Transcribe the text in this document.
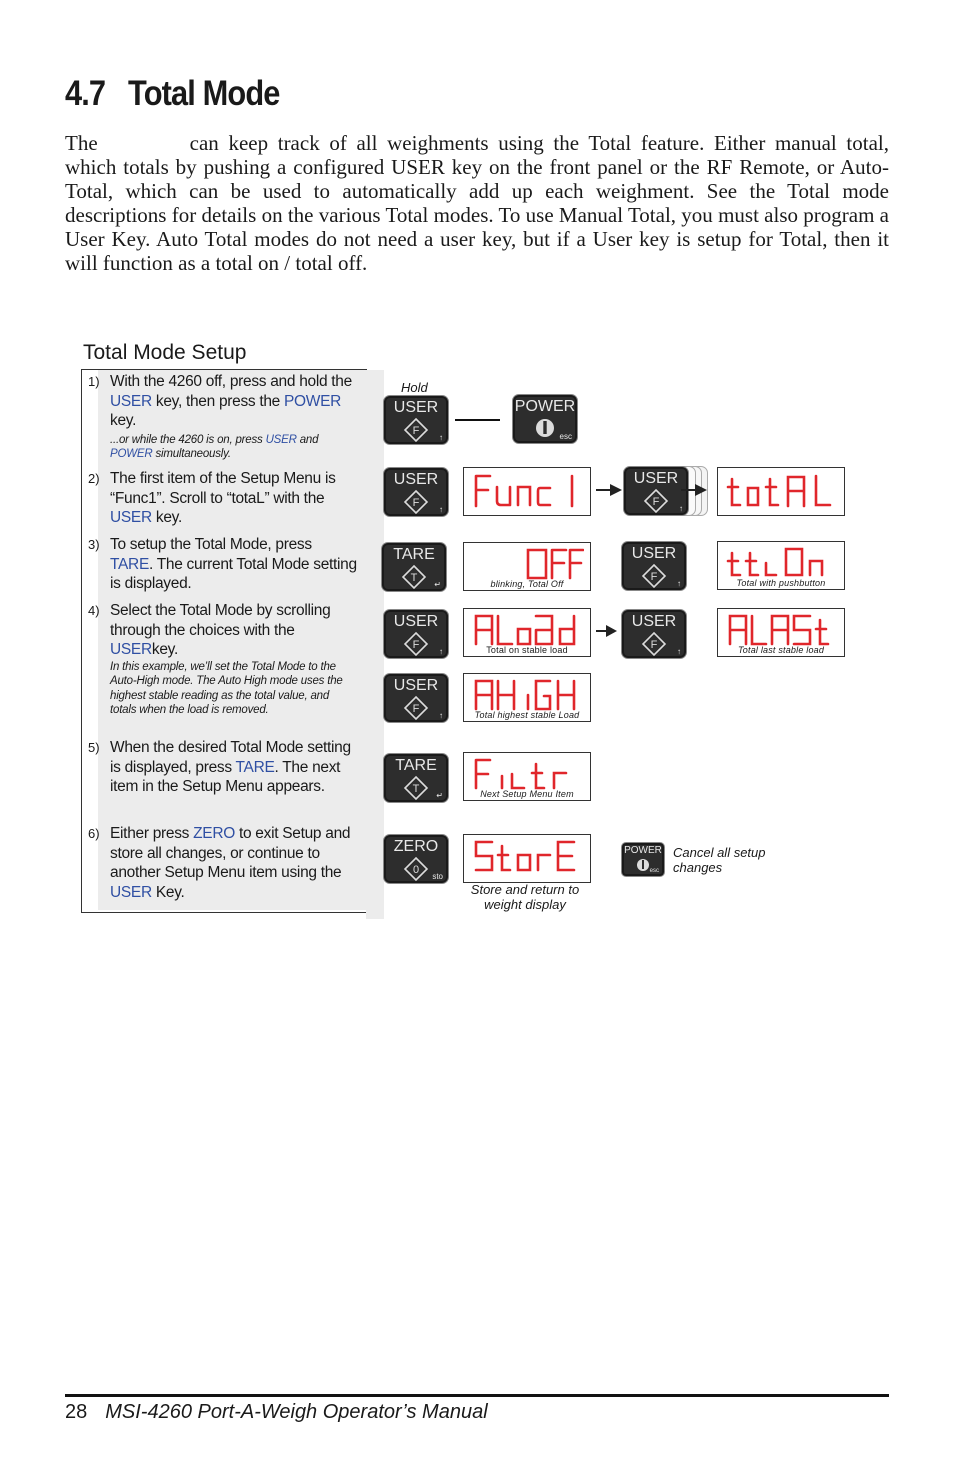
4.7 Total Mode
The	can keep track of all weighments using the Total feature. Either manual total, which totals by pushing a configured USER key on the front panel or the RF Remote, or Auto-Total, which can be used to automatically add up each weighment. See the Total mode descriptions for details on the various Total modes. To use Manual Total, you must also program a User Key. Auto Total modes do not need a user key, but if a User key is setup for Total, then it will function as a total on / total off.
Total Mode Setup
1) With the 4260 off, press and hold the USER key, then press the POWER key.
...or while the 4260 is on, press USER and POWER simultaneously.
2) The first item of the Setup Menu is “Func1”. Scroll to “totaL” with the USER key.
3) To setup the Total Mode, press TARE. The current Total Mode setting is displayed.
4) Select the Total Mode by scrolling through the choices with the USERkey.
In this example, we’ll set the Total Mode to the Auto-High mode. The Auto High mode uses the highest stable reading as the total value, and totals when the load is removed.
5) When the desired Total Mode setting is displayed, press TARE. The next item in the Setup Menu appears.
6) Either press ZERO to exit Setup and store all changes, or continue to another Setup Menu item using the USER Key.
Hold
USER
F
↑
POWER
esc
USER
F
↑
USER
F
↑
TARE
T
↵	blinking, Total Off
USER
F
↑	Total with pushbutton
USER
F
↑	Total on stable load
USER
F
↑	Total last stable load
USER
F
↑	Total highest stable Load
TARE
T
↵	Next Setup Menu Item
ZERO
0
sto
Store and return to weight display
POWER
esc
Cancel all setup changes
28 MSI-4260 Port-A-Weigh Operator’s Manual
